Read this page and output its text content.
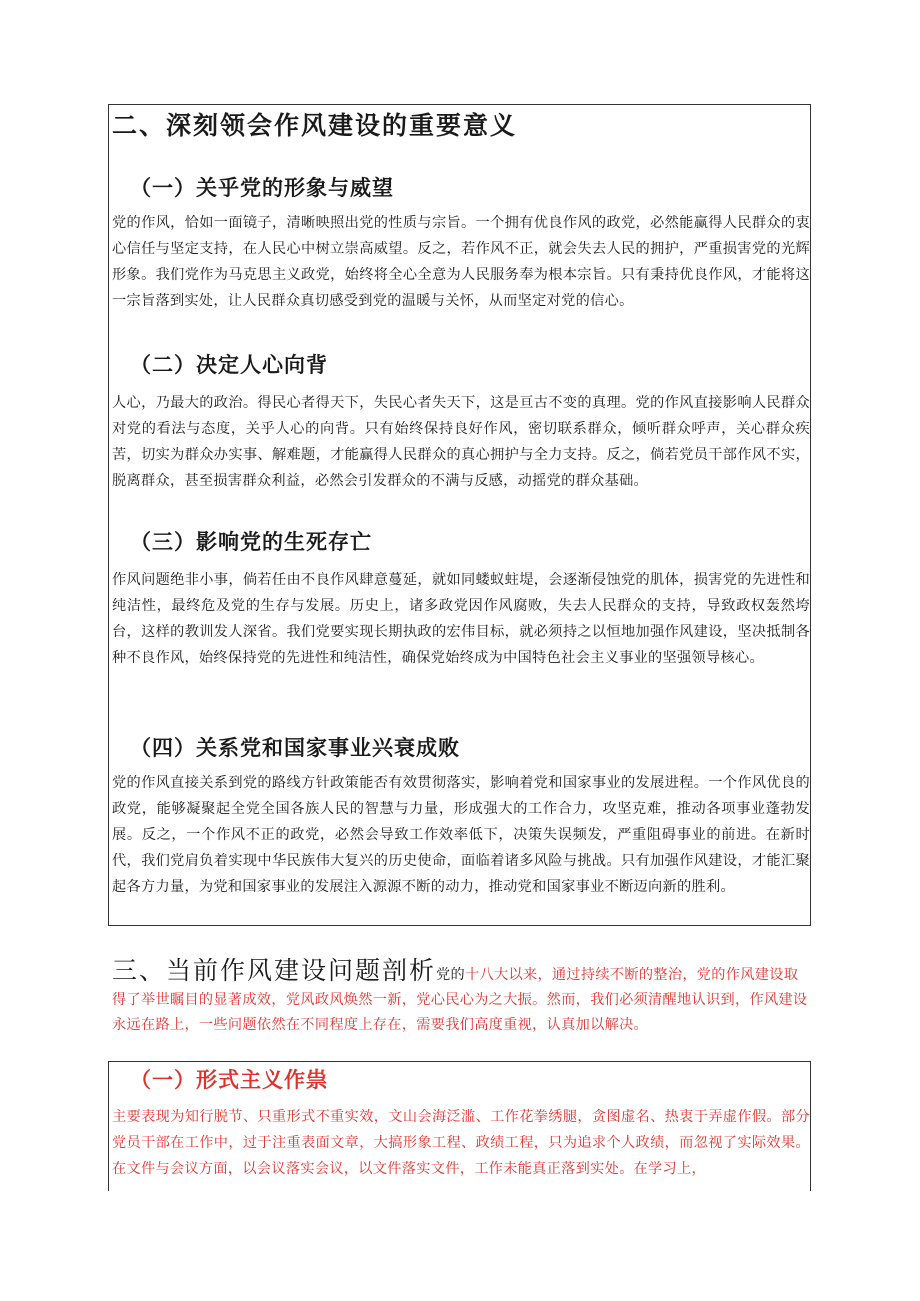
二、深刻领会作风建设的重要意义
（一）关乎党的形象与威望

党的作风，恰如一面镜子，清晰映照出党的性质与宗旨。一个拥有优良作风的政党，必然能赢得人民群众的衷心信任与坚定支持，在人民心中树立崇高威望。反之，若作风不正，就会失去人民的拥护，严重损害党的光辉形象。我们党作为马克思主义政党，始终将全心全意为人民服务奉为根本宗旨。只有秉持优良作风，才能将这一宗旨落到实处，让人民群众真切感受到党的温暖与关怀，从而坚定对党的信心。

（二）决定人心向背

人心，乃最大的政治。得民心者得天下，失民心者失天下，这是亘古不变的真理。党的作风直接影响人民群众对党的看法与态度，关乎人心的向背。只有始终保持良好作风，密切联系群众，倾听群众呼声，关心群众疾苦，切实为群众办实事、解难题，才能赢得人民群众的真心拥护与全力支持。反之，倘若党员干部作风不实，脱离群众，甚至损害群众利益，必然会引发群众的不满与反感，动摇党的群众基础。

（三）影响党的生死存亡

作风问题绝非小事，倘若任由不良作风肆意蔓延，就如同蝼蚁蛀堤，会逐渐侵蚀党的肌体，损害党的先进性和纯洁性，最终危及党的生存与发展。历史上，诸多政党因作风腐败，失去人民群众的支持，导致政权轰然垮台，这样的教训发人深省。我们党要实现长期执政的宏伟目标，就必须持之以恒地加强作风建设，坚决抵制各种不良作风，始终保持党的先进性和纯洁性，确保党始终成为中国特色社会主义事业的坚强领导核心。

（四）关系党和国家事业兴衰成败

党的作风直接关系到党的路线方针政策能否有效贯彻落实，影响着党和国家事业的发展进程。一个作风优良的政党，能够凝聚起全党全国各族人民的智慧与力量，形成强大的工作合力，攻坚克难，推动各项事业蓬勃发展。反之，一个作风不正的政党，必然会导致工作效率低下，决策失误频发，严重阻碍事业的前进。在新时代，我们党肩负着实现中华民族伟大复兴的历史使命，面临着诸多风险与挑战。只有加强作风建设，才能汇聚起各方力量，为党和国家事业的发展注入源源不断的动力，推动党和国家事业不断迈向新的胜利。

三、当前作风建设问题剖析党的十八大以来，通过持续不断的整治，党的作风建设取得了举世瞩目的显著成效，党风政风焕然一新，党心民心为之大振。然而，我们必须清醒地认识到，作风建设永远在路上，一些问题依然在不同程度上存在，需要我们高度重视，认真加以解决。

（一）形式主义作祟

主要表现为知行脱节、只重形式不重实效，文山会海泛滥、工作花拳绣腿，贪图虚名、热衷于弄虚作假。部分党员干部在工作中，过于注重表面文章，大搞形象工程、政绩工程，只为追求个人政绩，而忽视了实际效果。在文件与会议方面，以会议落实会议，以文件落实文件，工作未能真正落到实处。在学习上，
